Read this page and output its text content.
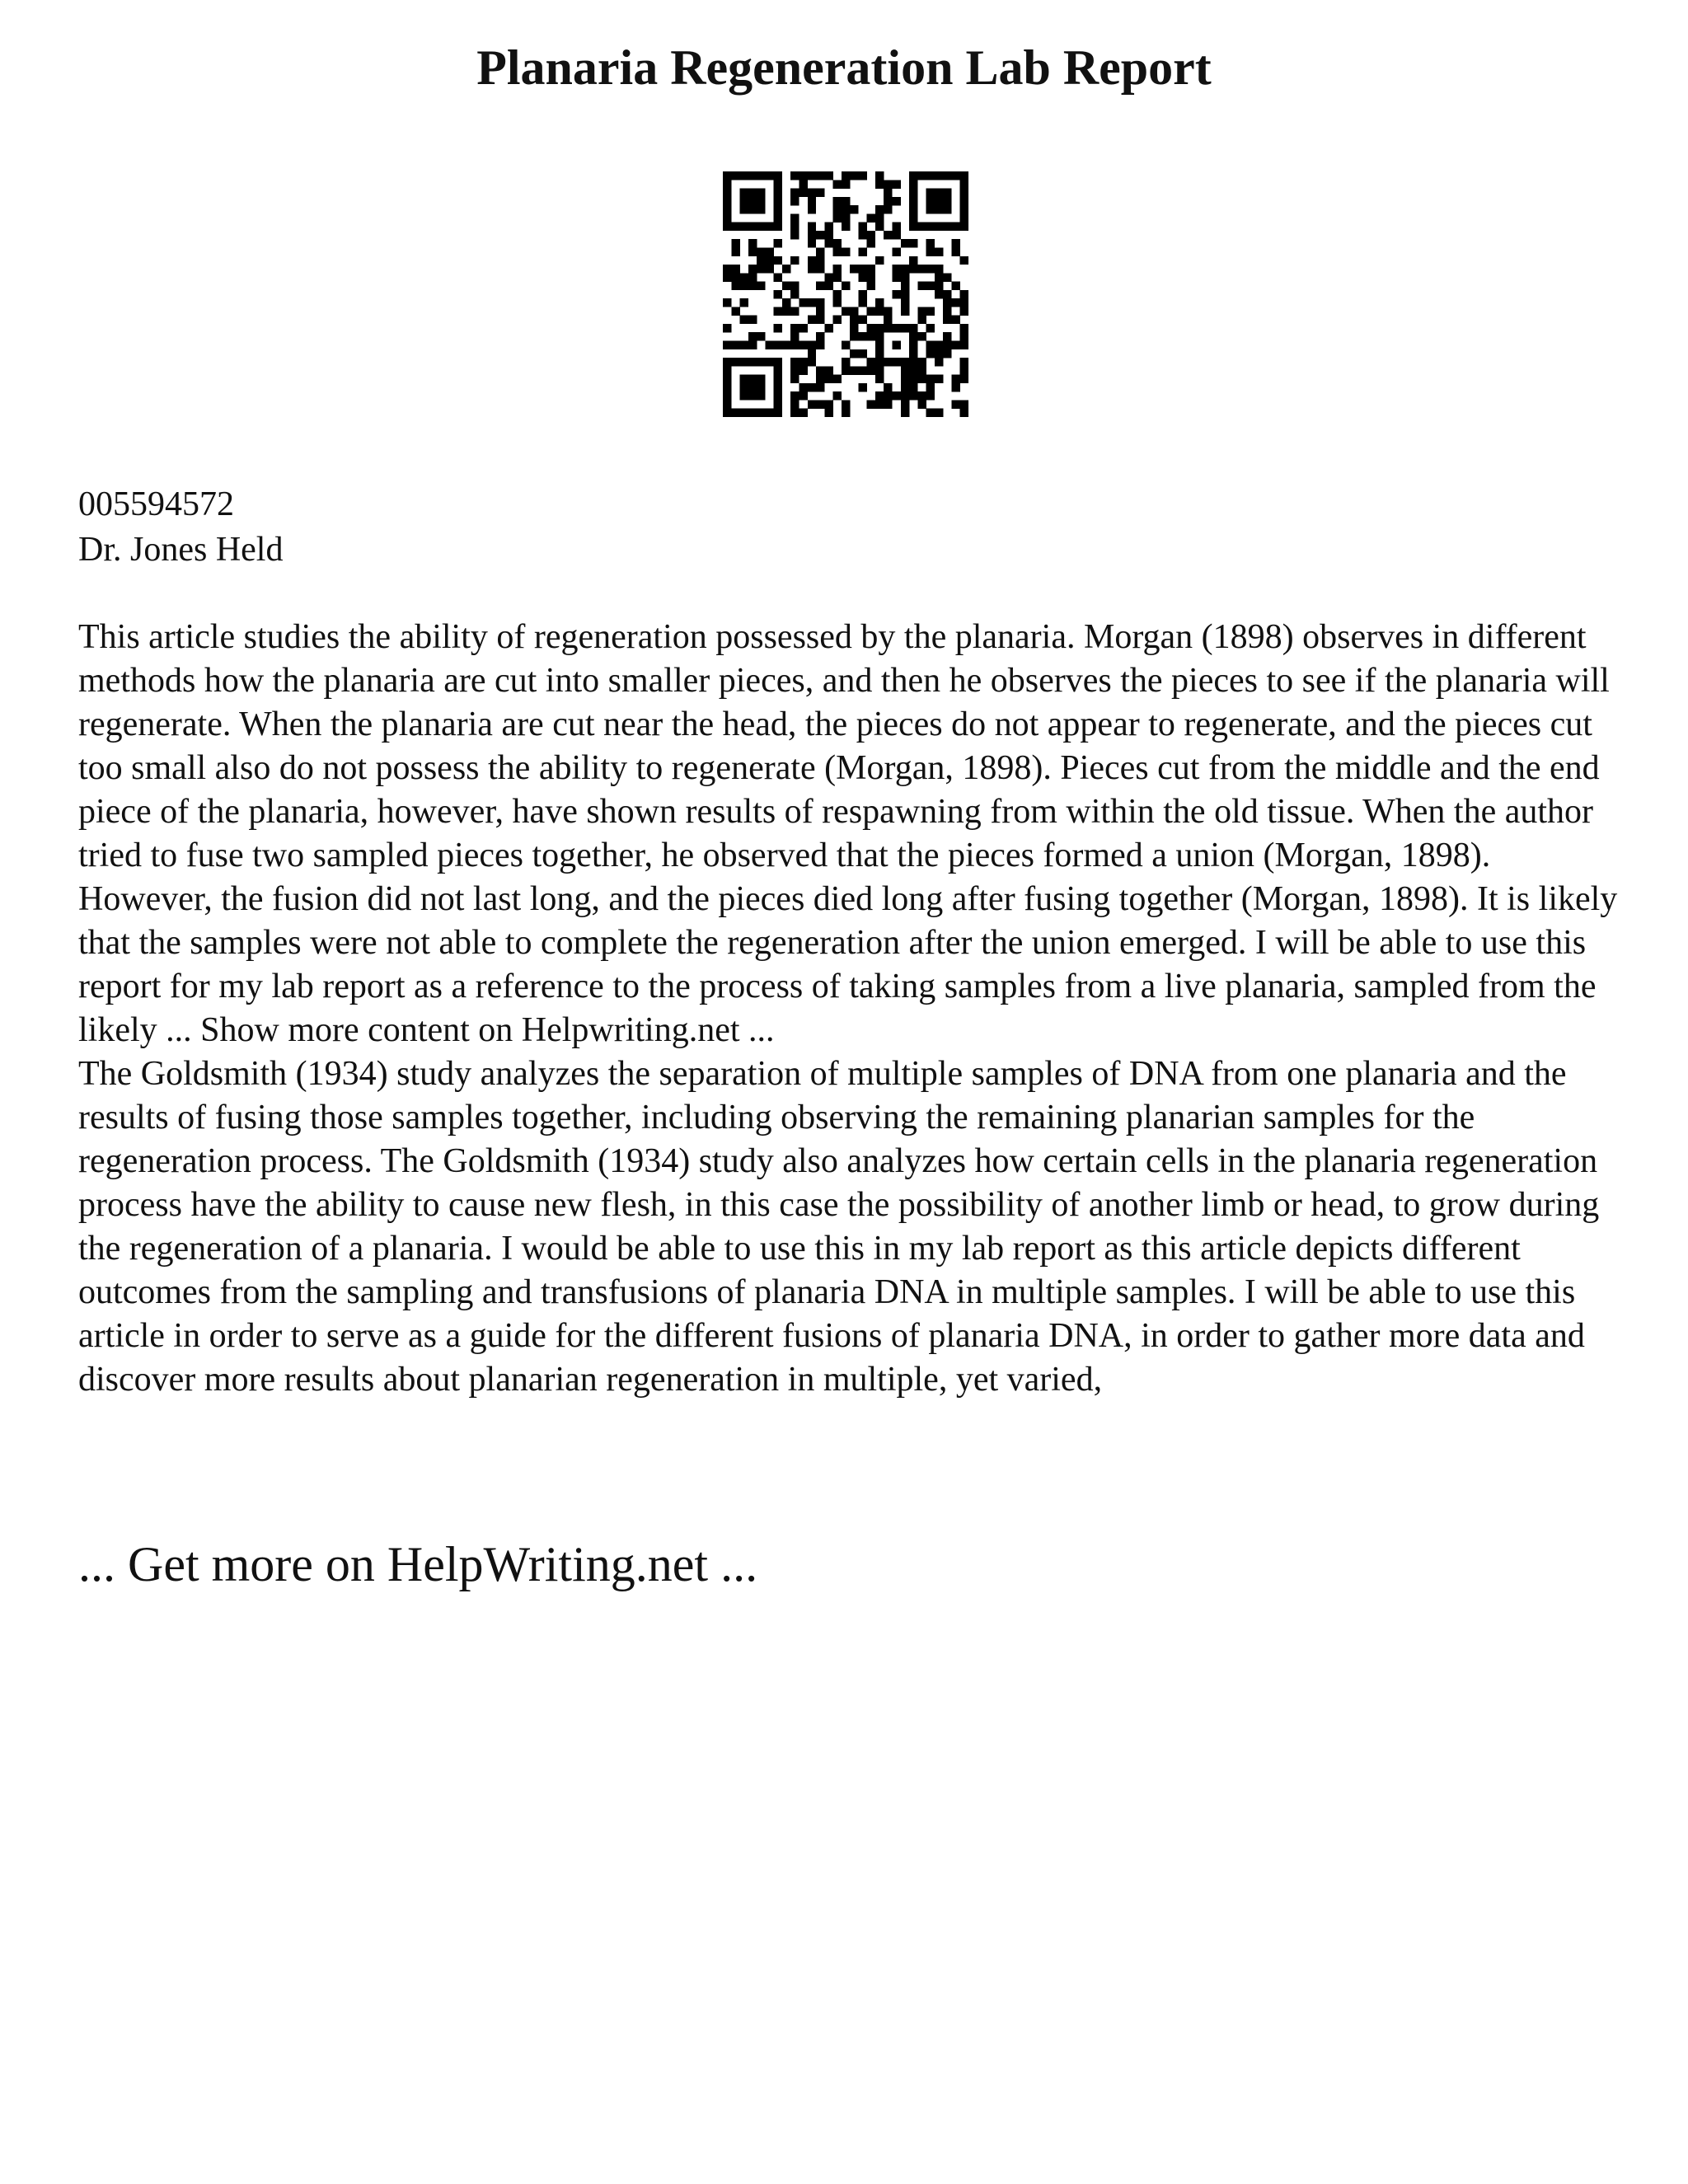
Planaria Regeneration Lab Report
005594572
Dr. Jones Held

This article studies the ability of regeneration possessed by the planaria. Morgan (1898) observes in different methods how the planaria are cut into smaller pieces, and then he observes the pieces to see if the planaria will regenerate. When the planaria are cut near the head, the pieces do not appear to regenerate, and the pieces cut too small also do not possess the ability to regenerate (Morgan, 1898). Pieces cut from the middle and the end piece of the planaria, however, have shown results of respawning from within the old tissue. When the author tried to fuse two sampled pieces together, he observed that the pieces formed a union (Morgan, 1898). However, the fusion did not last long, and the pieces died long after fusing together (Morgan, 1898). It is likely that the samples were not able to complete the regeneration after the union emerged. I will be able to use this report for my lab report as a reference to the process of taking samples from a live planaria, sampled from the likely ... Show more content on Helpwriting.net ...

The Goldsmith (1934) study analyzes the separation of multiple samples of DNA from one planaria and the results of fusing those samples together, including observing the remaining planarian samples for the regeneration process. The Goldsmith (1934) study also analyzes how certain cells in the planaria regeneration process have the ability to cause new flesh, in this case the possibility of another limb or head, to grow during the regeneration of a planaria. I would be able to use this in my lab report as this article depicts different outcomes from the sampling and transfusions of planaria DNA in multiple samples. I will be able to use this article in order to serve as a guide for the different fusions of planaria DNA, in order to gather more data and discover more results about planarian regeneration in multiple, yet varied,

... Get more on HelpWriting.net ...
